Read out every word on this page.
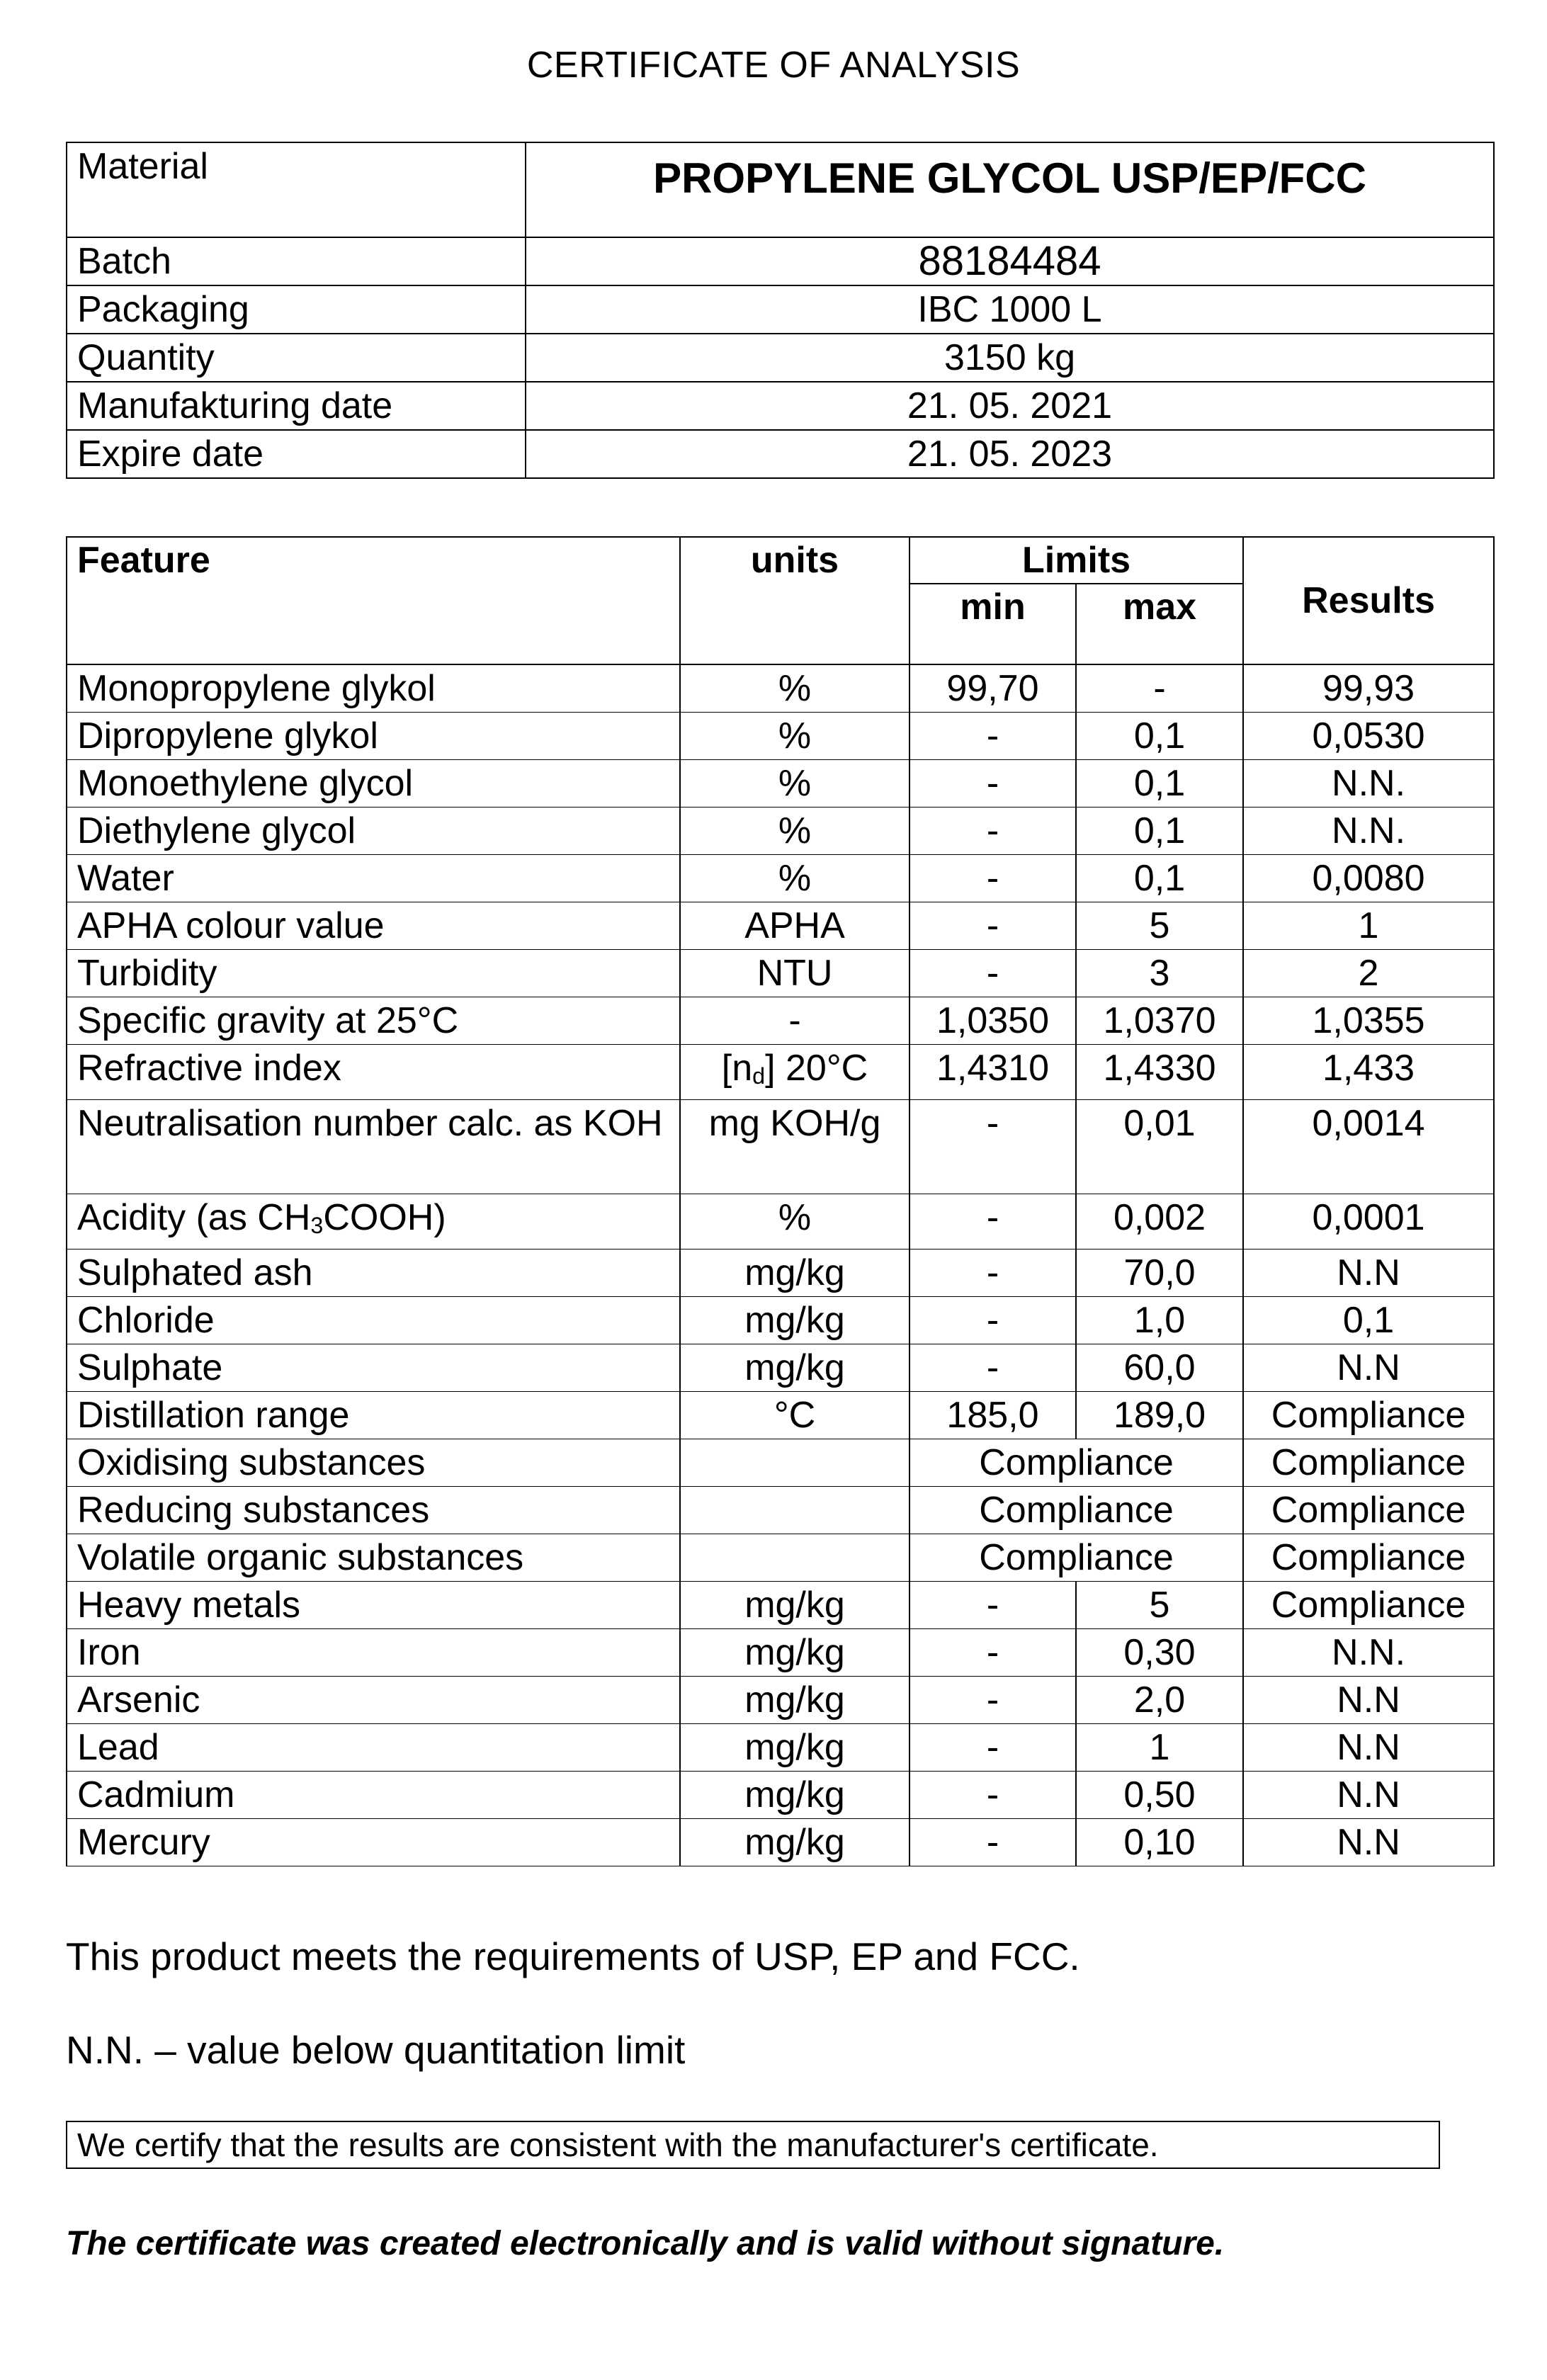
CERTIFICATE OF ANALYSIS
Material	PROPYLENE GLYCOL USP/EP/FCC
Batch	88184484
Packaging	IBC 1000 L
Quantity	3150 kg
Manufakturing date	21. 05. 2021
Expire date	21. 05. 2023
Feature	units	Limits		Results
		min	max	
Monopropylene glykol	%	99,70	-	99,93
Dipropylene glykol	%	-	0,1	0,0530
Monoethylene glycol	%	-	0,1	N.N.
Diethylene glycol	%	-	0,1	N.N.
Water	%	-	0,1	0,0080
APHA colour value	APHA	-	5	1
Turbidity	NTU	-	3	2
Specific gravity at 25°C	-	1,0350	1,0370	1,0355
Refractive index	$[n_d]$ 20°C	1,4310	1,4330	1,433
Neutralisation number calc. as KOH	mg KOH/g	-	0,01	0,0014
Acidity (as $CH_3COOH$)	%	-	0,002	0,0001
Sulphated ash	mg/kg	-	70,0	N.N
Chloride	mg/kg	-	1,0	0,1
Sulphate	mg/kg	-	60,0	N.N
Distillation range	°C	185,0	189,0	Compliance
Oxidising substances		Compliance		Compliance
Reducing substances		Compliance		Compliance
Volatile organic substances		Compliance		Compliance
Heavy metals	mg/kg	-	5	Compliance
Iron	mg/kg	-	0,30	N.N.
Arsenic	mg/kg	-	2,0	N.N
Lead	mg/kg	-	1	N.N
Cadmium	mg/kg	-	0,50	N.N
Mercury	mg/kg	-	0,10	N.N
This product meets the requirements of USP, EP and FCC.
N.N. – value below quantitation limit
We certify that the results are consistent with the manufacturer's certificate.
The certificate was created electronically and is valid without signature.
